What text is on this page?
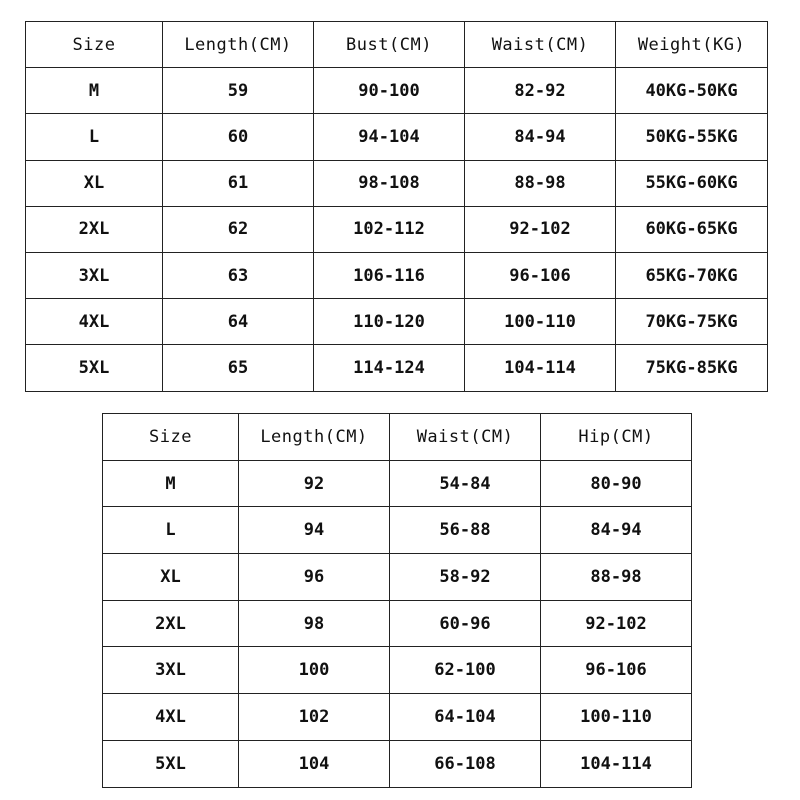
Size	Length(CM)	Bust(CM)	Waist(CM)	Weight(KG)
M	59	90-100	82-92	40KG-50KG
L	60	94-104	84-94	50KG-55KG
XL	61	98-108	88-98	55KG-60KG
2XL	62	102-112	92-102	60KG-65KG
3XL	63	106-116	96-106	65KG-70KG
4XL	64	110-120	100-110	70KG-75KG
5XL	65	114-124	104-114	75KG-85KG
Size	Length(CM)	Waist(CM)	Hip(CM)
M	92	54-84	80-90
L	94	56-88	84-94
XL	96	58-92	88-98
2XL	98	60-96	92-102
3XL	100	62-100	96-106
4XL	102	64-104	100-110
5XL	104	66-108	104-114
